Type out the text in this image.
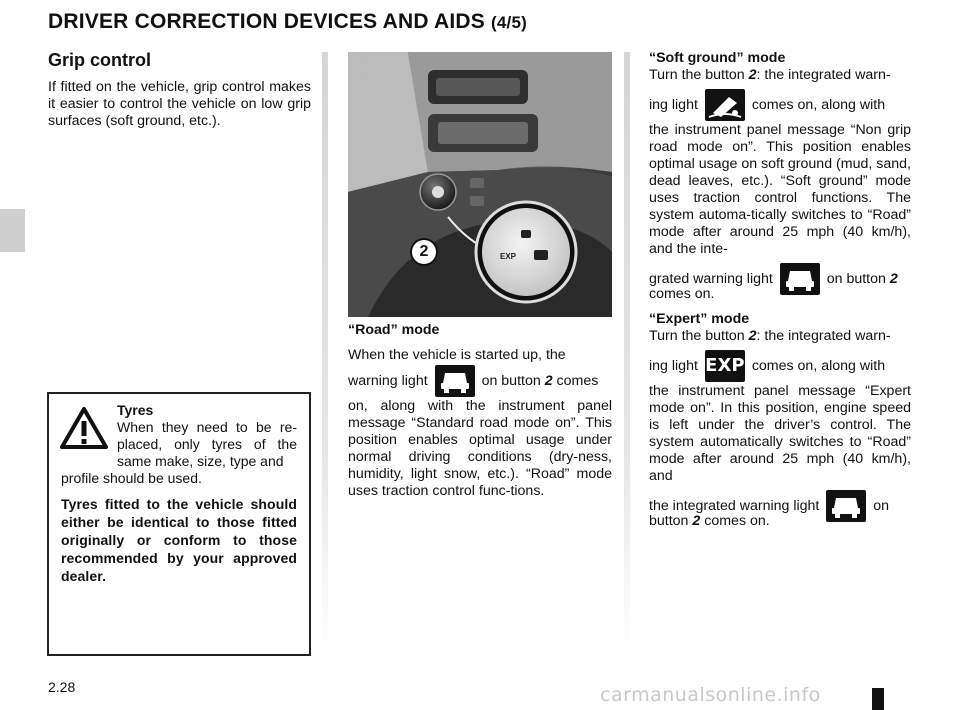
DRIVER CORRECTION DEVICES AND AIDS (4/5)
Grip control
If fitted on the vehicle, grip control makes it easier to control the vehicle on low grip surfaces (soft ground, etc.).
Tyres
When they need to be re-placed, only tyres of the same make, size, type and
profile should be used.
Tyres fitted to the vehicle should either be identical to those fitted originally or conform to those recommended by your approved dealer.
EXP
38359
2
“Road” mode
When the vehicle is started up, the
warning light	on button 2 comes
on, along with the instrument panel message “Standard road mode on”. This position enables optimal usage under normal driving conditions (dry-ness, humidity, light snow, etc.). “Road” mode uses traction control func-tions.
“Soft ground” mode
Turn the button 2: the integrated warn-
ing light	comes on, along with
the instrument panel message “Non grip road mode on”. This position enables optimal usage on soft ground (mud, sand, dead leaves, etc.). “Soft ground” mode uses traction control functions. The system automa-tically switches to “Road” mode after around 25 mph (40 km/h), and the inte-
grated warning light	on button 2
comes on.
“Expert” mode
Turn the button 2: the integrated warn-
ing light EXP comes on, along with
the instrument panel message “Expert mode on”. In this position, engine speed is left under the driver’s control. The system automatically switches to “Road” mode after around 25 mph (40 km/h), and
the integrated warning light	on
button 2 comes on.
2.28	carmanualsonline.info
